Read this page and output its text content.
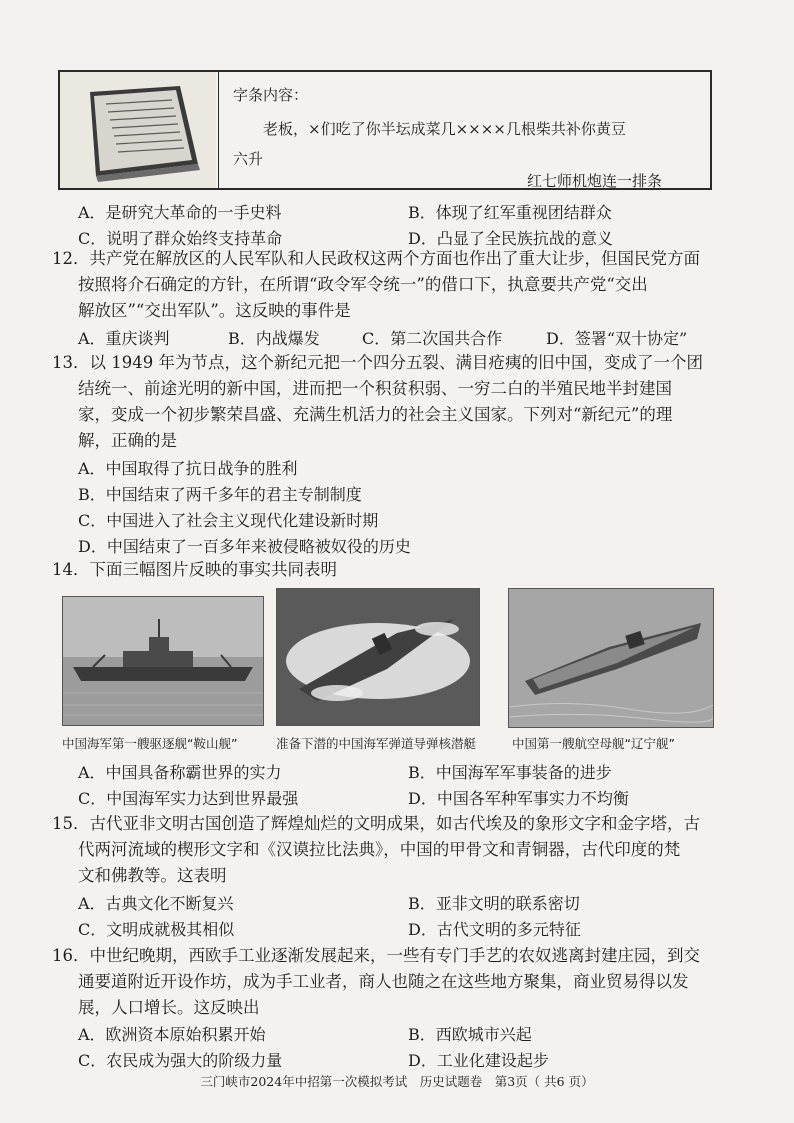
字条内容：
老板，×们吃了你半坛成菜几××××几根柴共补你黄豆
六升
红七师机炮连一排条
A．是研究大革命的一手史料	B．体现了红军重视团结群众
C．说明了群众始终支持革命	D．凸显了全民族抗战的意义
12．共产党在解放区的人民军队和人民政权这两个方面也作出了重大让步，但国民党方面
按照将介石确定的方针，在所谓“政令军令统一”的借口下，执意要共产党“交出
解放区”“交出军队”。这反映的事件是
A．重庆谈判	B．内战爆发	C．第二次国共合作	D．签署“双十协定”
13．以 1949 年为节点，这个新纪元把一个四分五裂、满目疮痍的旧中国，变成了一个团
结统一、前途光明的新中国，进而把一个积贫积弱、一穷二白的半殖民地半封建国
家，变成一个初步繁荣昌盛、充满生机活力的社会主义国家。下列对“新纪元”的理
解，正确的是
A．中国取得了抗日战争的胜利
B．中国结束了两千多年的君主专制制度
C．中国进入了社会主义现代化建设新时期
D．中国结束了一百多年来被侵略被奴役的历史
14．下面三幅图片反映的事实共同表明
中国海军第一艘驱逐舰“鞍山舰”	准备下潜的中国海军弹道导弹核潜艇	中国第一艘航空母舰“辽宁舰”
A．中国具备称霸世界的实力	B．中国海军军事装备的进步
C．中国海军实力达到世界最强	D．中国各军种军事实力不均衡
15．古代亚非文明古国创造了辉煌灿烂的文明成果，如古代埃及的象形文字和金字塔，古
代两河流域的楔形文字和《汉谟拉比法典》，中国的甲骨文和青铜器，古代印度的梵
文和佛教等。这表明
A．古典文化不断复兴	B．亚非文明的联系密切
C．文明成就极其相似	D．古代文明的多元特征
16．中世纪晚期，西欧手工业逐渐发展起来，一些有专门手艺的农奴逃离封建庄园，到交
通要道附近开设作坊，成为手工业者，商人也随之在这些地方聚集，商业贸易得以发
展，人口增长。这反映出
A．欧洲资本原始积累开始	B．西欧城市兴起
C．农民成为强大的阶级力量	D．工业化建设起步
三门峡市2024年中招第一次模拟考试　历史试题卷　第3页（ 共6 页）
